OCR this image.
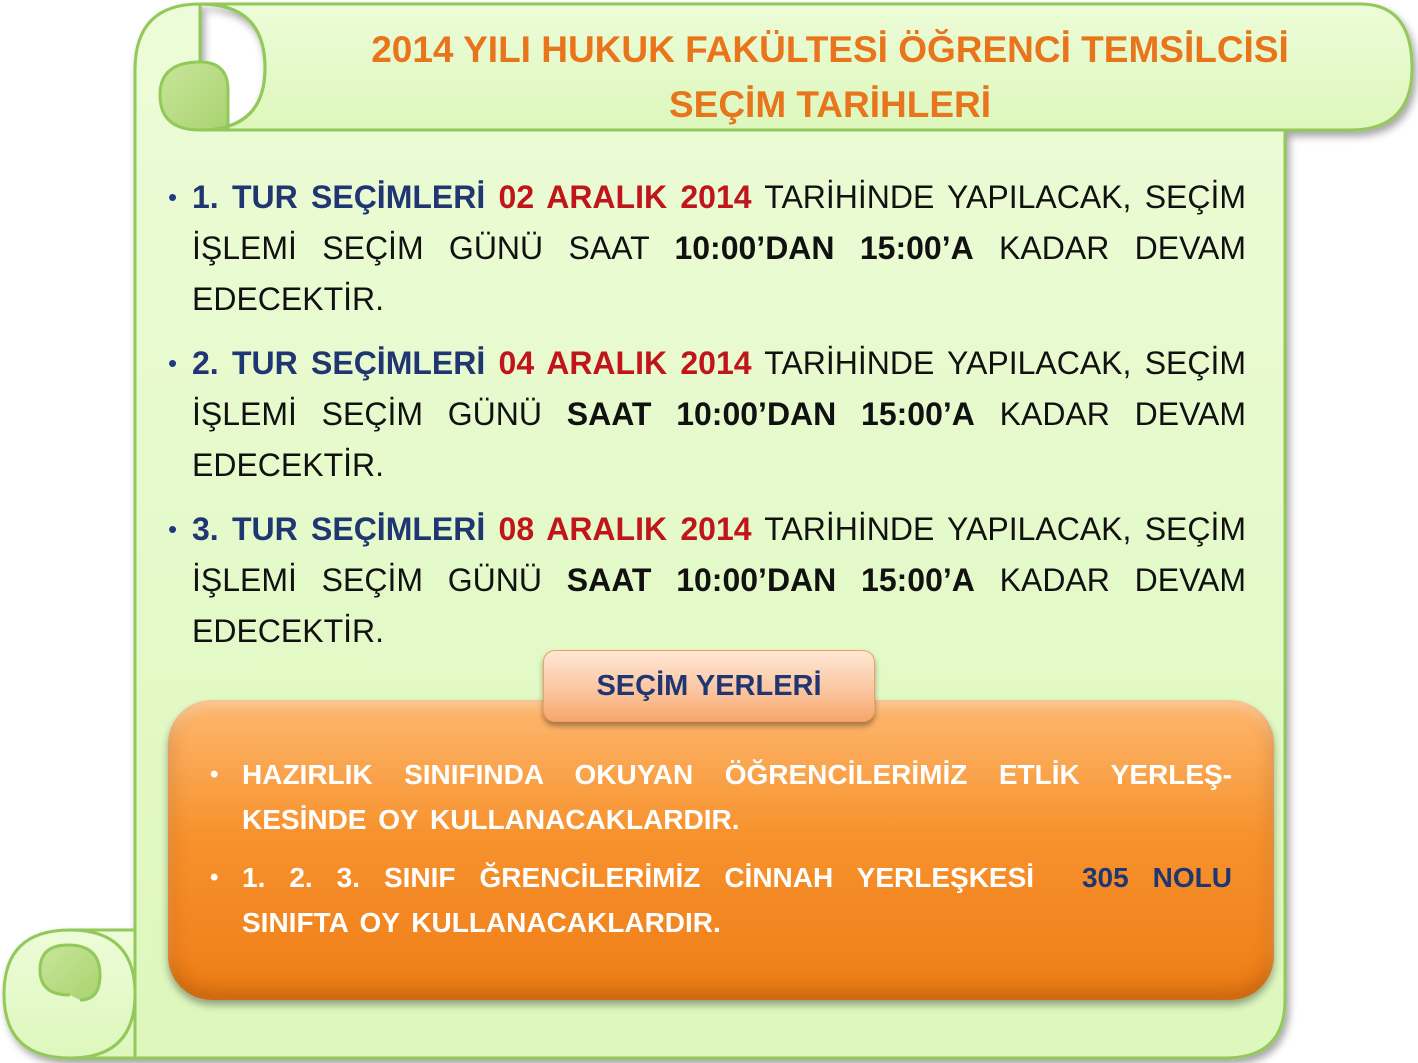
2014 YILI HUKUK FAKÜLTESİ ÖĞRENCİ TEMSİLCİSİ
SEÇİM TARİHLERİ
• 1. TUR SEÇİMLERİ 02 ARALIK 2014 TARİHİNDE YAPILACAK, SEÇİM İŞLEMİ SEÇİM GÜNÜ SAAT 10:00’DAN 15:00’A KADAR DEVAM EDECEKTİR.
• 2. TUR SEÇİMLERİ 04 ARALIK 2014 TARİHİNDE YAPILACAK, SEÇİM İŞLEMİ SEÇİM GÜNÜ SAAT 10:00’DAN 15:00’A KADAR DEVAM EDECEKTİR.
• 3. TUR SEÇİMLERİ 08 ARALIK 2014 TARİHİNDE YAPILACAK, SEÇİM İŞLEMİ SEÇİM GÜNÜ SAAT 10:00’DAN 15:00’A KADAR DEVAM EDECEKTİR.
SEÇİM YERLERİ
• HAZIRLIK SINIFINDA OKUYAN ÖĞRENCİLERİMİZ ETLİK YERLEŞ-KESİNDE OY KULLANACAKLARDIR.
• 1. 2. 3. SINIF ĞRENCİLERİMİZ CİNNAH YERLEŞKESİ 305 NOLU SINIFTA OY KULLANACAKLARDIR.
